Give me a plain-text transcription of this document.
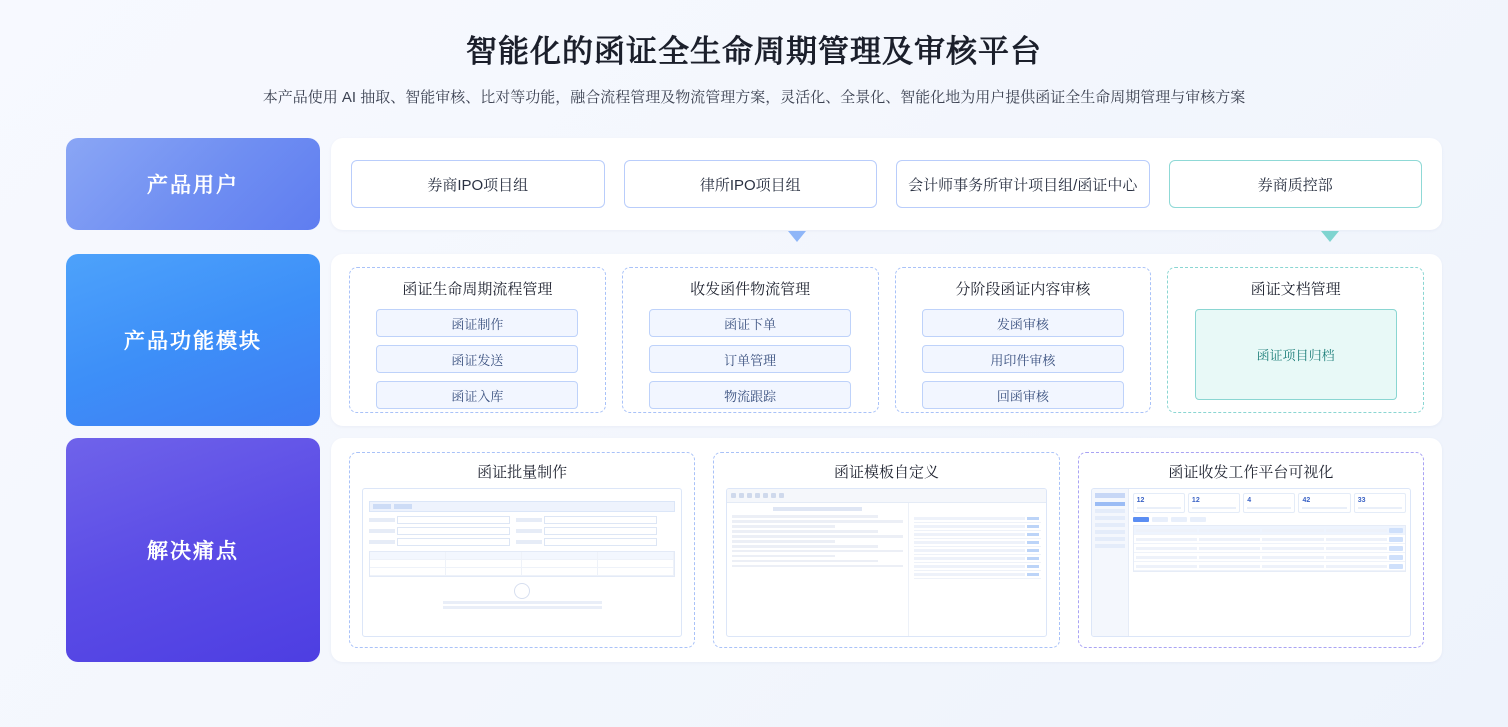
智能化的函证全生命周期管理及审核平台
本产品使用 AI 抽取、智能审核、比对等功能，融合流程管理及物流管理方案，灵活化、全景化、智能化地为用户提供函证全生命周期管理与审核方案
产品用户	券商IPO项目组	律所IPO项目组	会计师事务所审计项目组/函证中心	券商质控部
产品功能模块
函证生命周期流程管理
函证制作
函证发送
函证入库
收发函件物流管理
函证下单
订单管理
物流跟踪
分阶段函证内容审核
发函审核
用印件审核
回函审核
函证文档管理
函证项目归档
解决痛点
函证批量制作
	函证模板自定义
	函证收发工作平台可视化
12	12	4	42	33
